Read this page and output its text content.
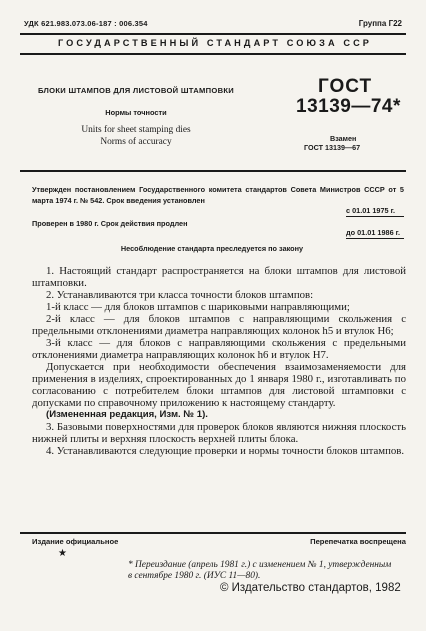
УДК 621.983.073.06-187 : 006.354	Группа Г22
ГОСУДАРСТВЕННЫЙ СТАНДАРТ СОЮЗА ССР
БЛОКИ ШТАМПОВ ДЛЯ ЛИСТОВОЙ ШТАМПОВКИ
Нормы точности
Units for sheet stamping dies
Norms of accuracy
ГОСТ
13139—74*
Взамен
ГОСТ 13139—67
Утвержден постановлением Государственного комитета стандартов Совета Министров СССР от 5 марта 1974 г. № 542. Срок введения установлен
с 01.01 1975 г.
Проверен в 1980 г. Срок действия продлен
до 01.01 1986 г.
Несоблюдение стандарта преследуется по закону

1. Настоящий стандарт распространяется на блоки штампов для листовой штамповки.

2. Устанавливаются три класса точности блоков штампов:

1-й класс — для блоков штампов с шариковыми направляющими;

2-й класс — для блоков штампов с направляющими скольжения с предельными отклонениями диаметра направляющих колонок h5 и втулок H6;

3-й класс — для блоков с направляющими скольжения с предельными отклонениями диаметра направляющих колонок h6 и втулок H7.

Допускается при необходимости обеспечения взаимозаменяемости для применения в изделиях, спроектированных до 1 января 1980 г., изготавливать по согласованию с потребителем блоки штампов для листовой штамповки с допусками по справочному приложению к настоящему стандарту.

(Измененная редакция, Изм. № 1).

3. Базовыми поверхностями для проверок блоков являются нижняя плоскость нижней плиты и верхняя плоскость верхней плиты блока.

4. Устанавливаются следующие проверки и нормы точности блоков штампов.

Издание официальное	Перепечатка воспрещена
★
* Переиздание (апрель 1981 г.) с изменением № 1, утвержденным в сентябре 1980 г. (ИУС 11—80).
© Издательство стандартов, 1982
